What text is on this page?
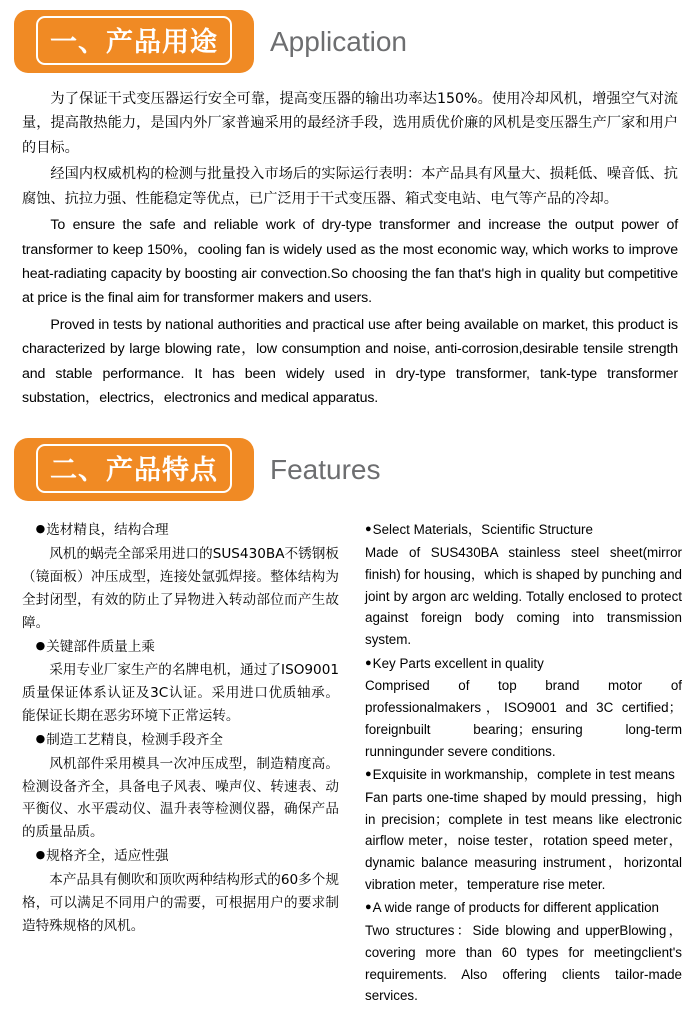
一、产品用途	Application

为了保证干式变压器运行安全可靠，提高变压器的输出功率达150%。使用冷却风机，增强空气对流量，提高散热能力，是国内外厂家普遍采用的最经济手段，选用质优价廉的风机是变压器生产厂家和用户的目标。

经国内权威机构的检测与批量投入市场后的实际运行表明：本产品具有风量大、损耗低、噪音低、抗腐蚀、抗拉力强、性能稳定等优点，已广泛用于干式变压器、箱式变电站、电气等产品的冷却。

To ensure the safe and reliable work of dry-type transformer and increase the output power of transformer to keep 150%，cooling fan is widely used as the most economic way, which works to improve heat-radiating capacity by boosting air convection.So choosing the fan that's high in quality but competitive at price is the final aim for transformer makers and users.

Proved in tests by national authorities and practical use after being available on market, this product is characterized by large blowing rate，low consumption and noise, anti-corrosion,desirable tensile strength and stable performance. It has been widely used in dry-type transformer, tank-type transformer substation，electrics，electronics and medical apparatus.

二、产品特点	Features

●选材精良，结构合理

风机的蜗壳全部采用进口的SUS430BA不锈钢板（镜面板）冲压成型，连接处氩弧焊接。整体结构为全封闭型，有效的防止了异物进入转动部位而产生故障。

●关键部件质量上乘

采用专业厂家生产的名牌电机，通过了ISO9001质量保证体系认证及3C认证。采用进口优质轴承。能保证长期在恶劣环境下正常运转。

●制造工艺精良，检测手段齐全

风机部件采用模具一次冲压成型，制造精度高。检测设备齐全，具备电子风表、噪声仪、转速表、动平衡仪、水平震动仪、温升表等检测仪器，确保产品的质量品质。

●规格齐全，适应性强

本产品具有侧吹和顶吹两种结构形式的60多个规格，可以满足不同用户的需要，可根据用户的要求制造特殊规格的风机。

●Select Materials，Scientific Structure

Made of SUS430BA stainless steel sheet(mirror finish) for housing，which is shaped by punching and joint by argon arc welding. Totally enclosed to protect against foreign body coming into transmission system.

●Key Parts excellent in quality

Comprised of top brand motor of professionalmakers，ISO9001 and 3C certified； foreignbuilt bearing；ensuring long-term runningunder severe conditions.

●Exquisite in workmanship，complete in test means

Fan parts one-time shaped by mould pressing，high in precision；complete in test means like electronic airflow meter，noise tester，rotation speed meter，dynamic balance measuring instrument，horizontal vibration meter，temperature rise meter.

●A wide range of products for different application

Two structures：Side blowing and upperBlowing，covering more than 60 types for meetingclient's requirements. Also offering clients tailor-made services.
